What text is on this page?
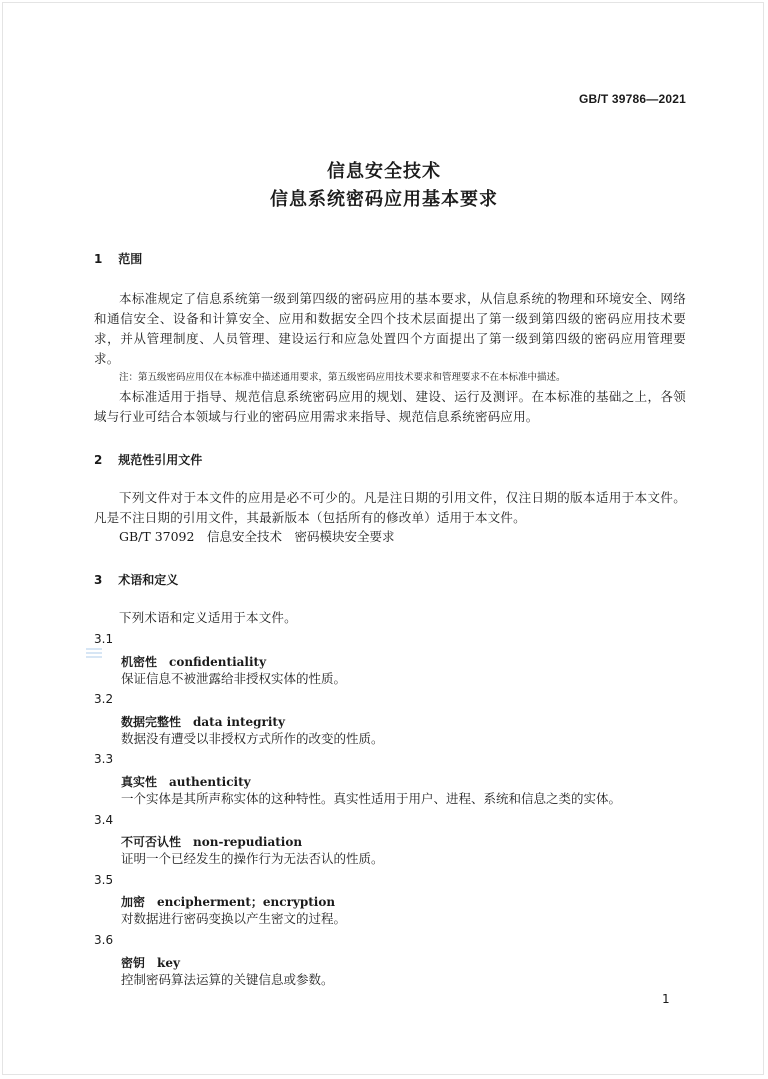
GB/T 39786—2021
信息安全技术
信息系统密码应用基本要求
1 范围
本标准规定了信息系统第一级到第四级的密码应用的基本要求，从信息系统的物理和环境安全、网络和通信安全、设备和计算安全、应用和数据安全四个技术层面提出了第一级到第四级的密码应用技术要求，并从管理制度、人员管理、建设运行和应急处置四个方面提出了第一级到第四级的密码应用管理要求。
注：第五级密码应用仅在本标准中描述通用要求，第五级密码应用技术要求和管理要求不在本标准中描述。
本标准适用于指导、规范信息系统密码应用的规划、建设、运行及测评。在本标准的基础之上，各领域与行业可结合本领域与行业的密码应用需求来指导、规范信息系统密码应用。
2 规范性引用文件
下列文件对于本文件的应用是必不可少的。凡是注日期的引用文件，仅注日期的版本适用于本文件。凡是不注日期的引用文件，其最新版本（包括所有的修改单）适用于本文件。
GB/T 37092　信息安全技术　密码模块安全要求
3 术语和定义
下列术语和定义适用于本文件。
3.1
机密性 confidentiality
保证信息不被泄露给非授权实体的性质。
3.2
数据完整性 data integrity
数据没有遭受以非授权方式所作的改变的性质。
3.3
真实性 authenticity
一个实体是其所声称实体的这种特性。真实性适用于用户、进程、系统和信息之类的实体。
3.4
不可否认性 non-repudiation
证明一个已经发生的操作行为无法否认的性质。
3.5
加密 encipherment；encryption
对数据进行密码变换以产生密文的过程。
3.6
密钥 key
控制密码算法运算的关键信息或参数。
1
